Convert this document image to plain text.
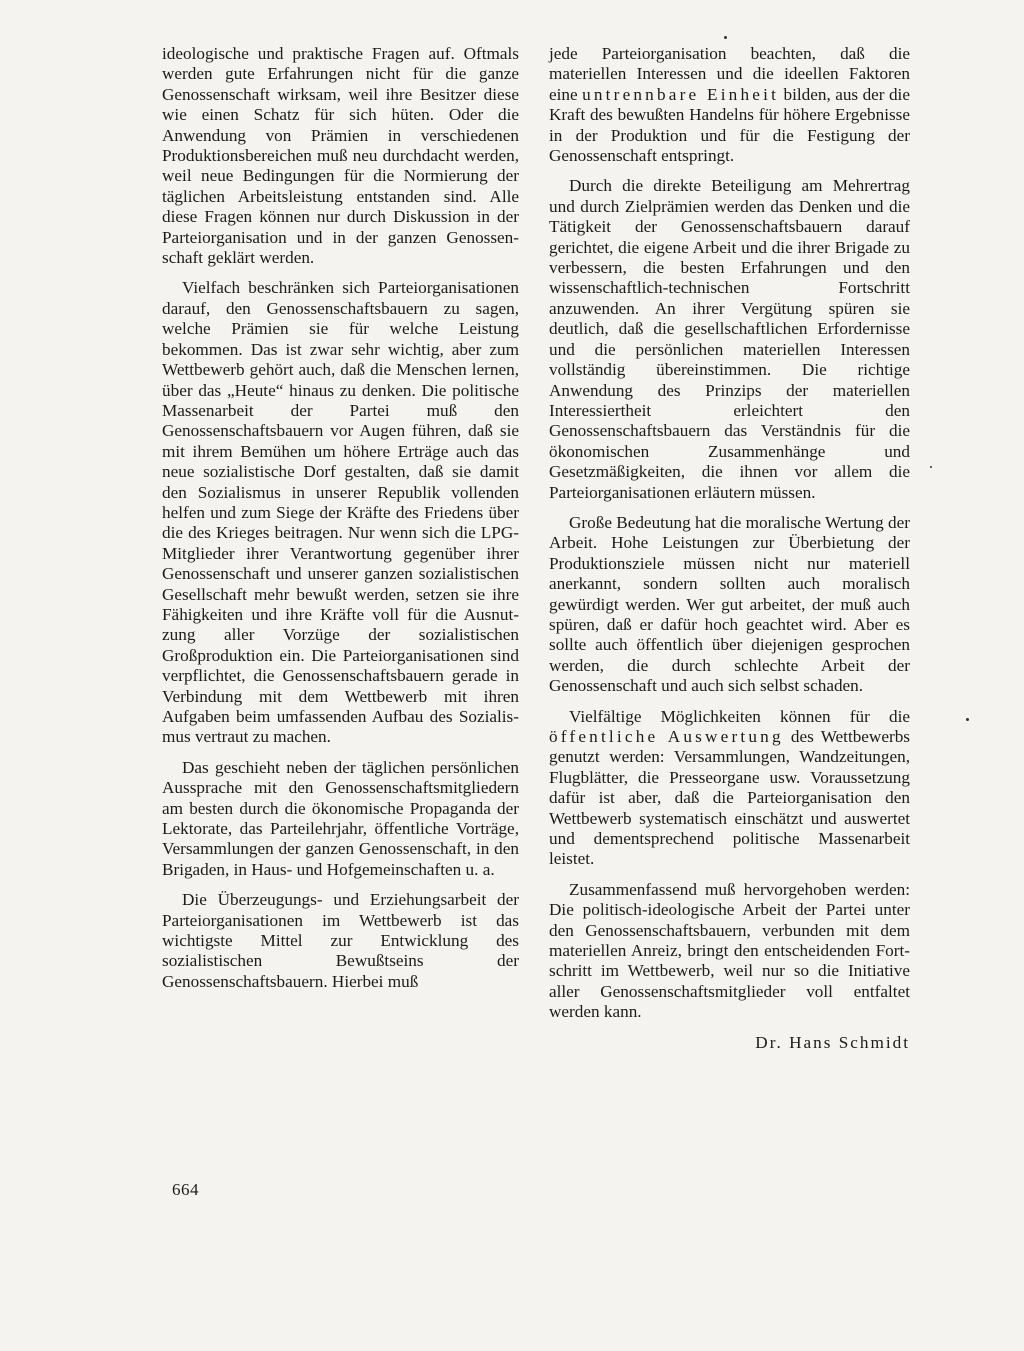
ideologische und praktische Fragen auf. Oftmals werden gute Erfahrungen nicht für die ganze Genossenschaft wirksam, weil ihre Besitzer diese wie einen Schatz für sich hüten. Oder die Anwendung von Prämien in verschiedenen Produktionsbereichen muß neu durchdacht werden, weil neue Bedingungen für die Normierung der täglichen Arbeitsleistung entstanden sind. Alle diese Fragen können nur durch Diskussion in der Parteiorganisation und in der ganzen Genossenschaft geklärt werden.

Vielfach beschränken sich Parteiorganisationen darauf, den Genossenschaftsbauern zu sagen, welche Prämien sie für welche Leistung bekommen. Das ist zwar sehr wichtig, aber zum Wettbewerb gehört auch, daß die Menschen lernen, über das „Heute“ hinaus zu denken. Die politische Massenarbeit der Partei muß den Genossenschaftsbauern vor Augen führen, daß sie mit ihrem Bemühen um höhere Erträge auch das neue sozialistische Dorf gestalten, daß sie damit den Sozialismus in unserer Republik vollenden helfen und zum Siege der Kräfte des Friedens über die des Krieges beitragen. Nur wenn sich die LPG-Mitglieder ihrer Verantwortung gegenüber ihrer Genossenschaft und unserer ganzen sozialistischen Gesellschaft mehr bewußt werden, setzen sie ihre Fähigkeiten und ihre Kräfte voll für die Ausnutzung aller Vorzüge der sozialistischen Großproduktion ein. Die Parteiorganisationen sind verpflichtet, die Genossenschaftsbauern gerade in Verbindung mit dem Wettbewerb mit ihren Aufgaben beim umfassenden Aufbau des Sozialismus vertraut zu machen.

Das geschieht neben der täglichen persönlichen Aussprache mit den Genossenschaftsmitgliedern am besten durch die ökonomische Propaganda der Lektorate, das Parteilehrjahr, öffentliche Vorträge, Versammlungen der ganzen Genossenschaft, in den Brigaden, in Haus- und Hofgemeinschaften u. a.

Die Überzeugungs- und Erziehungsarbeit der Parteiorganisationen im Wettbewerb ist das wichtigste Mittel zur Entwicklung des sozialistischen Bewußtseins der Genossenschaftsbauern. Hierbei muß

jede Parteiorganisation beachten, daß die materiellen Interessen und die ideellen Faktoren eine untrennbare Einheit bilden, aus der die Kraft des bewußten Handelns für höhere Ergebnisse in der Produktion und für die Festigung der Genossenschaft entspringt.

Durch die direkte Beteiligung am Mehrertrag und durch Zielprämien werden das Denken und die Tätigkeit der Genossenschaftsbauern darauf gerichtet, die eigene Arbeit und die ihrer Brigade zu verbessern, die besten Erfahrungen und den wissenschaftlich-technischen Fortschritt anzuwenden. An ihrer Vergütung spüren sie deutlich, daß die gesellschaftlichen Erfordernisse und die persönlichen materiellen Interessen vollständig übereinstimmen. Die richtige Anwendung des Prinzips der materiellen Interessiertheit erleichtert den Genossenschaftsbauern das Verständnis für die ökonomischen Zusammenhänge und Gesetzmäßigkeiten, die ihnen vor allem die Parteiorganisationen erläutern müssen.

Große Bedeutung hat die moralische Wertung der Arbeit. Hohe Leistungen zur Überbietung der Produktionsziele müssen nicht nur materiell anerkannt, sondern sollten auch moralisch gewürdigt werden. Wer gut arbeitet, der muß auch spüren, daß er dafür hoch geachtet wird. Aber es sollte auch öffentlich über diejenigen gesprochen werden, die durch schlechte Arbeit der Genossenschaft und auch sich selbst schaden.

Vielfältige Möglichkeiten können für die öffentliche Auswertung des Wettbewerbs genutzt werden: Versammlungen, Wandzeitungen, Flugblätter, die Presseorgane usw. Voraussetzung dafür ist aber, daß die Parteiorganisation den Wettbewerb systematisch einschätzt und auswertet und dementsprechend politische Massenarbeit leistet.

Zusammenfassend muß hervorgehoben werden: Die politisch-ideologische Arbeit der Partei unter den Genossenschaftsbauern, verbunden mit dem materiellen Anreiz, bringt den entscheidenden Fortschritt im Wettbewerb, weil nur so die Initiative aller Genossenschaftsmitglieder voll entfaltet werden kann.

Dr. Hans Schmidt

664
